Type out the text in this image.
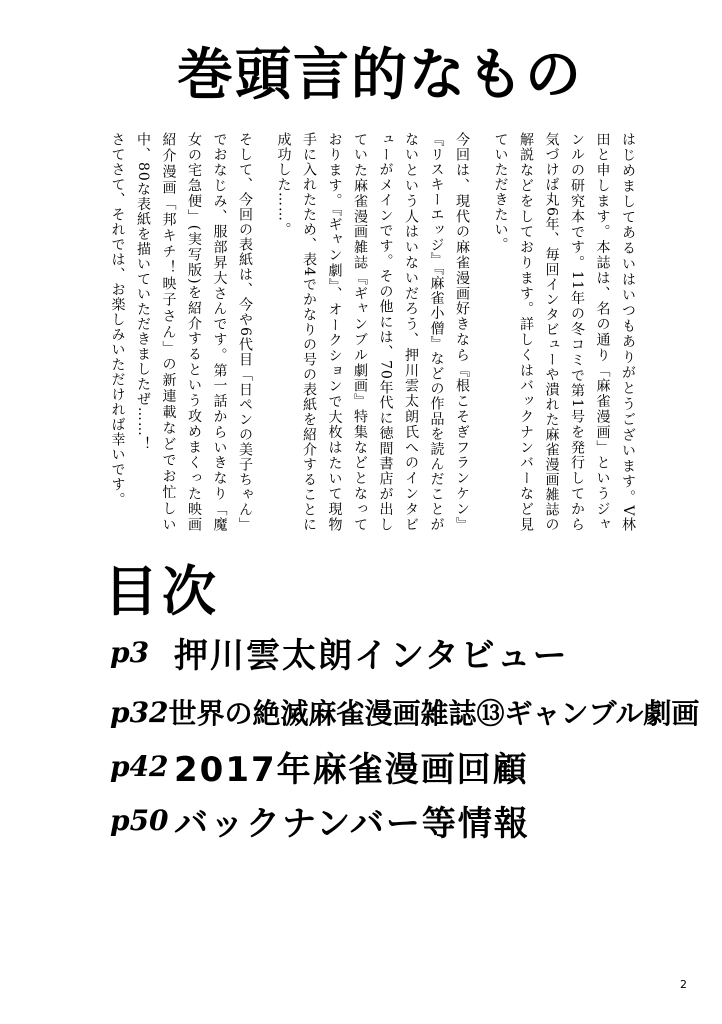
巻頭言的なもの

はじめましてあるいはいつもありがとうございます。V林田と申します。本誌は、名の通り「麻雀漫画」というジャンルの研究本です。11年の冬コミで第1号を発行してから気づけば丸6年、毎回インタビューや潰れた麻雀漫画雑誌の解説などをしております。詳しくはバックナンバーなど見ていただきたい。

今回は、現代の麻雀漫画好きなら『根こそぎフランケン』『リスキーエッジ』『麻雀小僧』などの作品を読んだことがないという人はいないだろう、押川雲太朗氏へのインタビューがメインです。その他には、70年代に徳間書店が出していた麻雀漫画雑誌『ギャンブル劇画』特集などとなっております。『ギャン劇』、オークションで大枚はたいて現物手に入れたため、表4でかなりの号の表紙を紹介することに成功した……。

そして、今回の表紙は、今や6代目「日ペンの美子ちゃん」でおなじみ、服部昇大さんです。第一話からいきなり「魔女の宅急便」(実写版)を紹介するという攻めまくった映画紹介漫画「邦キチ！映子さん」の新連載などでお忙しい中、80な表紙を描いていただきましたぜ……！

さてさて、それでは、お楽しみいただければ幸いです。

目次
p3 押川雲太朗インタビュー
p32 世界の絶滅麻雀漫画雑誌⑬ギャンブル劇画
p42 2017年麻雀漫画回顧
p50 バックナンバー等情報
2
